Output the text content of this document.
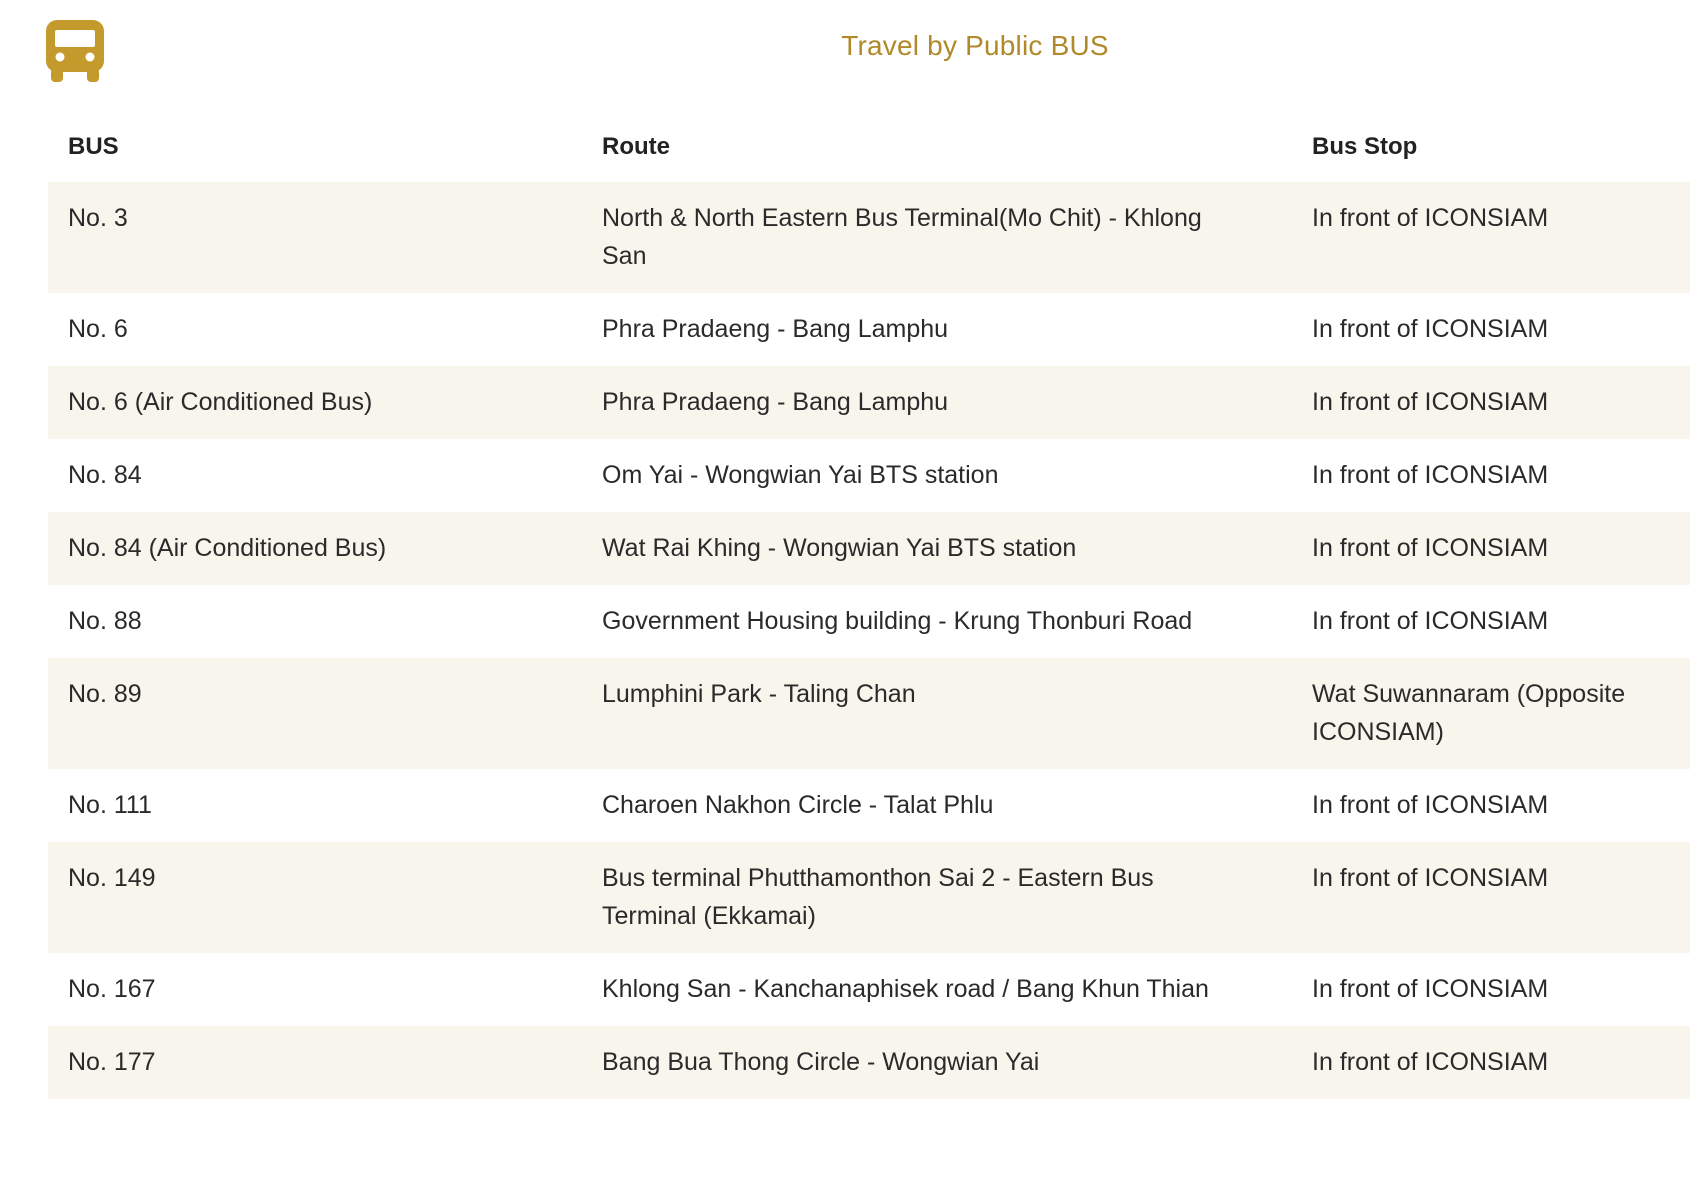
Travel by Public BUS
BUS	Route	Bus Stop
No. 3	North & North Eastern Bus Terminal(Mo Chit) - Khlong San	In front of ICONSIAM
No. 6	Phra Pradaeng - Bang Lamphu	In front of ICONSIAM
No. 6 (Air Conditioned Bus)	Phra Pradaeng - Bang Lamphu	In front of ICONSIAM
No. 84	Om Yai - Wongwian Yai BTS station	In front of ICONSIAM
No. 84 (Air Conditioned Bus)	Wat Rai Khing - Wongwian Yai BTS station	In front of ICONSIAM
No. 88	Government Housing building - Krung Thonburi Road	In front of ICONSIAM
No. 89	Lumphini Park - Taling Chan	Wat Suwannaram (Opposite ICONSIAM)
No. 111	Charoen Nakhon Circle - Talat Phlu	In front of ICONSIAM
No. 149	Bus terminal Phutthamonthon Sai 2 - Eastern Bus Terminal (Ekkamai)	In front of ICONSIAM
No. 167	Khlong San - Kanchanaphisek road / Bang Khun Thian	In front of ICONSIAM
No. 177	Bang Bua Thong Circle - Wongwian Yai	In front of ICONSIAM
